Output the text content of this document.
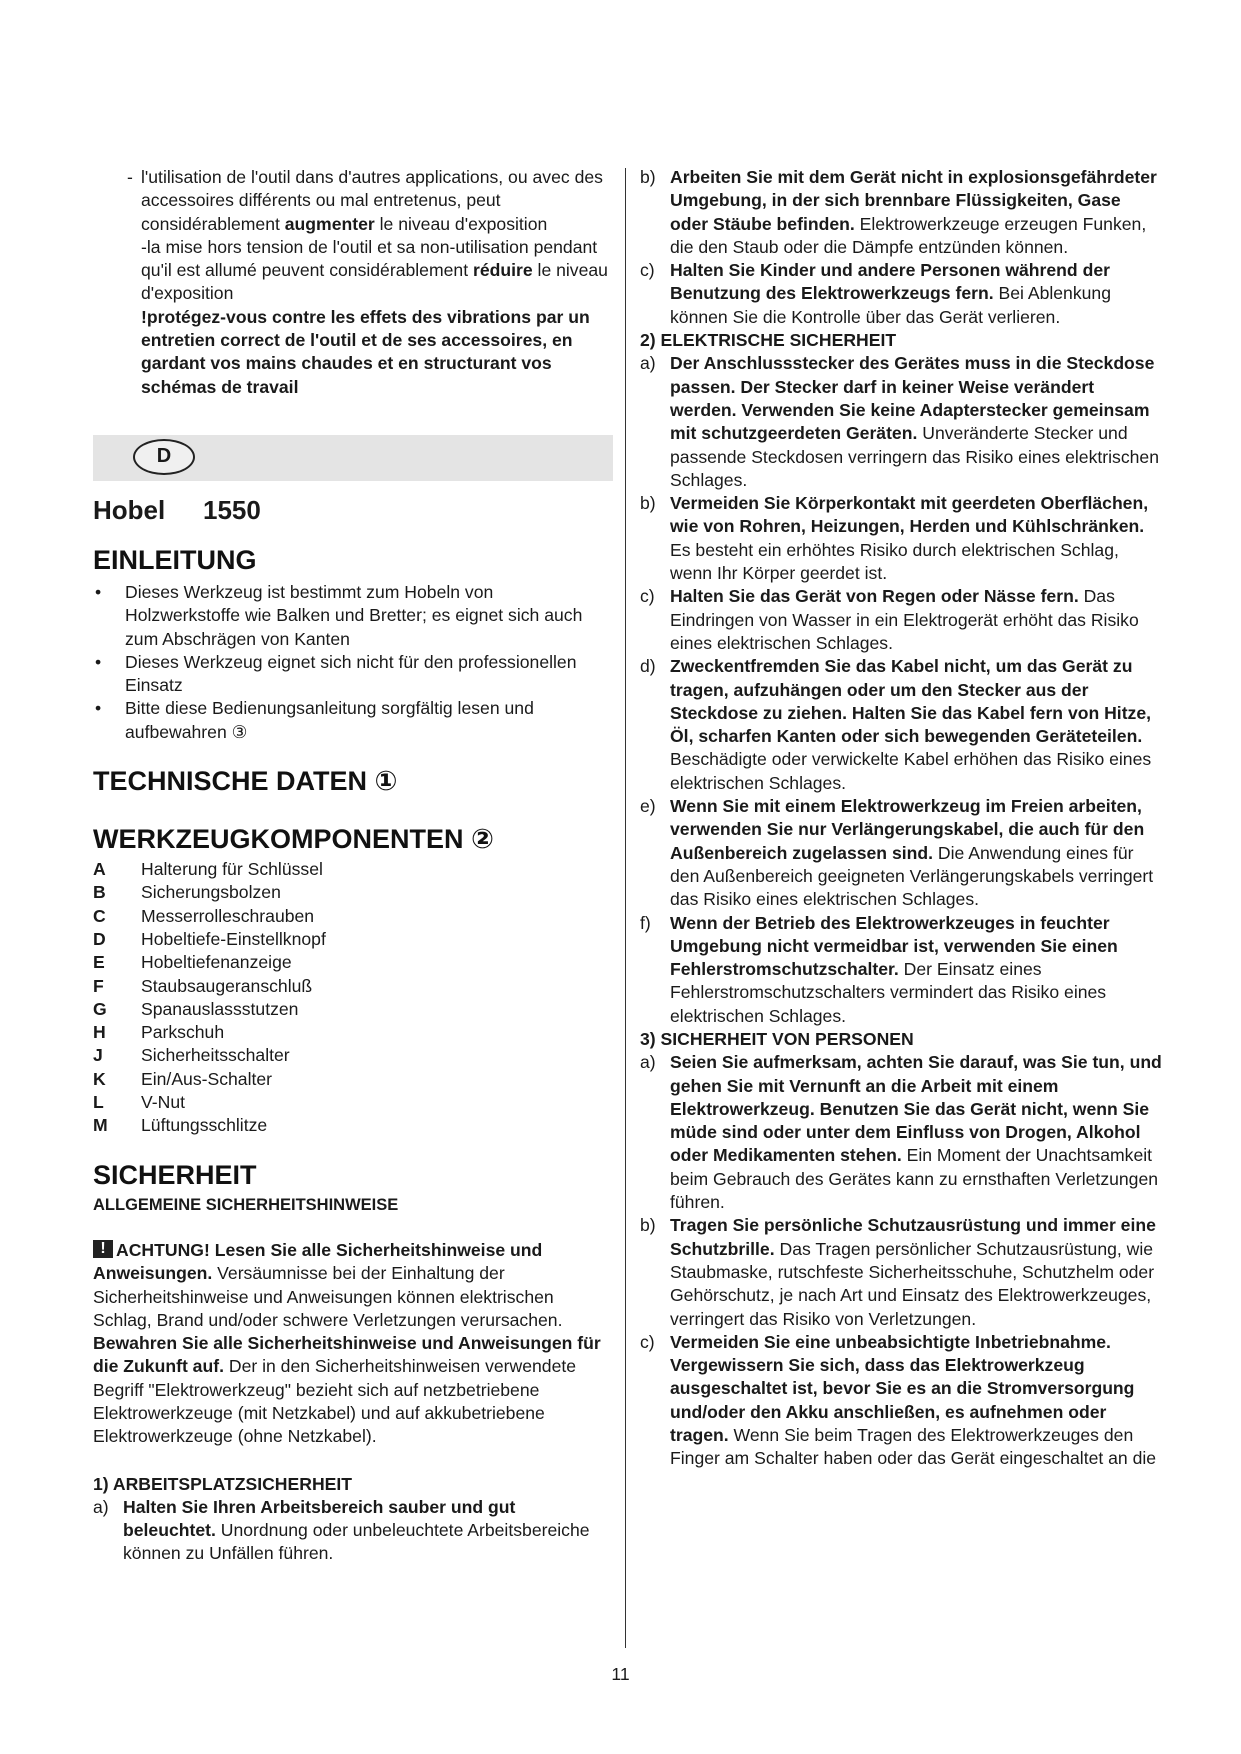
- l'utilisation de l'outil dans d'autres applications, ou avec des accessoires différents ou mal entretenus, peut considérablement augmenter le niveau d'exposition
-la mise hors tension de l'outil et sa non-utilisation pendant qu'il est allumé peuvent considérablement réduire le niveau d'exposition
!protégez-vous contre les effets des vibrations par un entretien correct de l'outil et de ses accessoires, en gardant vos mains chaudes et en structurant vos schémas de travail
D
Hobel 1550
EINLEITUNG
• Dieses Werkzeug ist bestimmt zum Hobeln von Holzwerkstoffe wie Balken und Bretter; es eignet sich auch zum Abschrägen von Kanten
• Dieses Werkzeug eignet sich nicht für den professionellen Einsatz
• Bitte diese Bedienungsanleitung sorgfältig lesen und aufbewahren ③
TECHNISCHE DATEN ①
WERKZEUGKOMPONENTEN ②
A	Halterung für Schlüssel
B	Sicherungsbolzen
C	Messerrolleschrauben
D	Hobeltiefe-Einstellknopf
E	Hobeltiefenanzeige
F	Staubsaugeranschluß
G	Spanauslassstutzen
H	Parkschuh
J	Sicherheitsschalter
K	Ein/Aus-Schalter
L	V-Nut
M	Lüftungsschlitze
SICHERHEIT
ALLGEMEINE SICHERHEITSHINWEISE
!ACHTUNG! Lesen Sie alle Sicherheitshinweise und Anweisungen. Versäumnisse bei der Einhaltung der Sicherheitshinweise und Anweisungen können elektrischen Schlag, Brand und/oder schwere Verletzungen verursachen. Bewahren Sie alle Sicherheitshinweise und Anweisungen für die Zukunft auf. Der in den Sicherheitshinweisen verwendete Begriff "Elektrowerkzeug" bezieht sich auf netzbetriebene Elektrowerkzeuge (mit Netzkabel) und auf akkubetriebene Elektrowerkzeuge (ohne Netzkabel).
1) ARBEITSPLATZSICHERHEIT
a) Halten Sie Ihren Arbeitsbereich sauber und gut beleuchtet. Unordnung oder unbeleuchtete Arbeitsbereiche können zu Unfällen führen.
b) Arbeiten Sie mit dem Gerät nicht in explosionsgefährdeter Umgebung, in der sich brennbare Flüssigkeiten, Gase oder Stäube befinden. Elektrowerkzeuge erzeugen Funken, die den Staub oder die Dämpfe entzünden können.
c) Halten Sie Kinder und andere Personen während der Benutzung des Elektrowerkzeugs fern. Bei Ablenkung können Sie die Kontrolle über das Gerät verlieren.
2) ELEKTRISCHE SICHERHEIT
a) Der Anschlussstecker des Gerätes muss in die Steckdose passen. Der Stecker darf in keiner Weise verändert werden. Verwenden Sie keine Adapterstecker gemeinsam mit schutzgeerdeten Geräten. Unveränderte Stecker und passende Steckdosen verringern das Risiko eines elektrischen Schlages.
b) Vermeiden Sie Körperkontakt mit geerdeten Oberflächen, wie von Rohren, Heizungen, Herden und Kühlschränken. Es besteht ein erhöhtes Risiko durch elektrischen Schlag, wenn Ihr Körper geerdet ist.
c) Halten Sie das Gerät von Regen oder Nässe fern. Das Eindringen von Wasser in ein Elektrogerät erhöht das Risiko eines elektrischen Schlages.
d) Zweckentfremden Sie das Kabel nicht, um das Gerät zu tragen, aufzuhängen oder um den Stecker aus der Steckdose zu ziehen. Halten Sie das Kabel fern von Hitze, Öl, scharfen Kanten oder sich bewegenden Geräteteilen. Beschädigte oder verwickelte Kabel erhöhen das Risiko eines elektrischen Schlages.
e) Wenn Sie mit einem Elektrowerkzeug im Freien arbeiten, verwenden Sie nur Verlängerungskabel, die auch für den Außenbereich zugelassen sind. Die Anwendung eines für den Außenbereich geeigneten Verlängerungskabels verringert das Risiko eines elektrischen Schlages.
f) Wenn der Betrieb des Elektrowerkzeuges in feuchter Umgebung nicht vermeidbar ist, verwenden Sie einen Fehlerstromschutzschalter. Der Einsatz eines Fehlerstromschutzschalters vermindert das Risiko eines elektrischen Schlages.
3) SICHERHEIT VON PERSONEN
a) Seien Sie aufmerksam, achten Sie darauf, was Sie tun, und gehen Sie mit Vernunft an die Arbeit mit einem Elektrowerkzeug. Benutzen Sie das Gerät nicht, wenn Sie müde sind oder unter dem Einfluss von Drogen, Alkohol oder Medikamenten stehen. Ein Moment der Unachtsamkeit beim Gebrauch des Gerätes kann zu ernsthaften Verletzungen führen.
b) Tragen Sie persönliche Schutzausrüstung und immer eine Schutzbrille. Das Tragen persönlicher Schutzausrüstung, wie Staubmaske, rutschfeste Sicherheitsschuhe, Schutzhelm oder Gehörschutz, je nach Art und Einsatz des Elektrowerkzeuges, verringert das Risiko von Verletzungen.
c) Vermeiden Sie eine unbeabsichtigte Inbetriebnahme. Vergewissern Sie sich, dass das Elektrowerkzeug ausgeschaltet ist, bevor Sie es an die Stromversorgung und/oder den Akku anschließen, es aufnehmen oder tragen. Wenn Sie beim Tragen des Elektrowerkzeuges den Finger am Schalter haben oder das Gerät eingeschaltet an die
11
